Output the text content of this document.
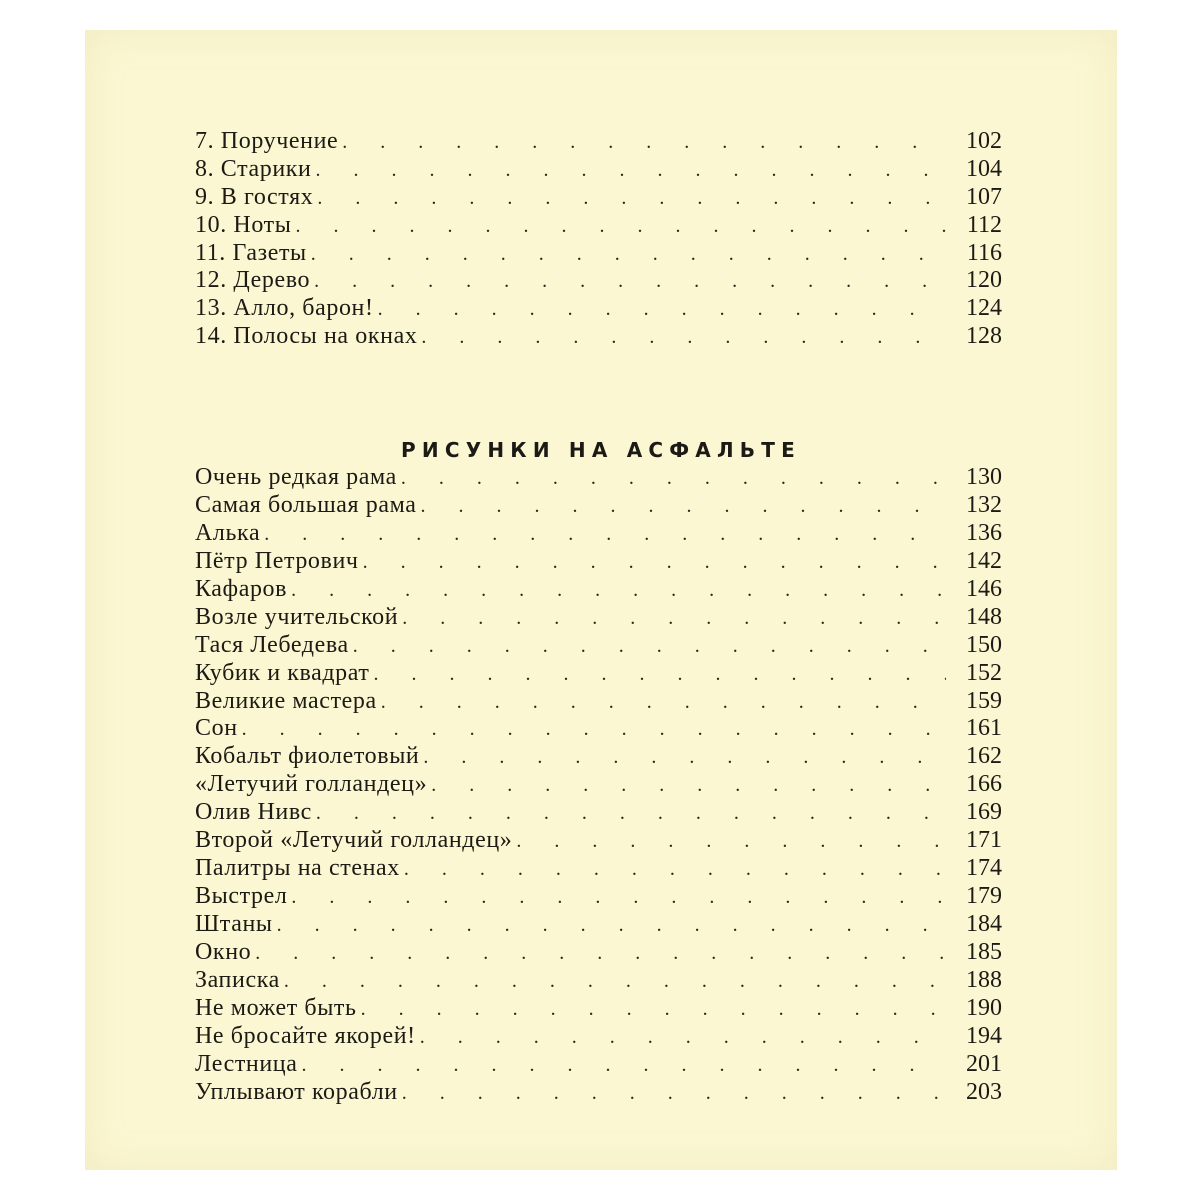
7. Поручение . . .	102
8. Старики . . .	104
9. В гостях . . .	107
10. Ноты . . .	112
11. Газеты . . .	116
12. Дерево . . .	120
13. Алло, барон! . . .	124
14. Полосы на окнах . . .	128
РИСУНКИ НА АСФАЛЬТЕ
Очень редкая рама . . .	130
Самая большая рама . . .	132
Алька . . .	136
Пётр Петрович . . .	142
Кафаров . . .	146
Возле учительской . . .	148
Тася Лебедева . . .	150
Кубик и квадрат . . .	152
Великие мастера . . .	159
Сон . . .	161
Кобальт фиолетовый . . .	162
«Летучий голландец» . . .	166
Олив Нивс . . .	169
Второй «Летучий голландец» . . .	171
Палитры на стенах . . .	174
Выстрел . . .	179
Штаны . . .	184
Окно . . .	185
Записка . . .	188
Не может быть . . .	190
Не бросайте якорей! . . .	194
Лестница . . .	201
Уплывают корабли . . .	203
